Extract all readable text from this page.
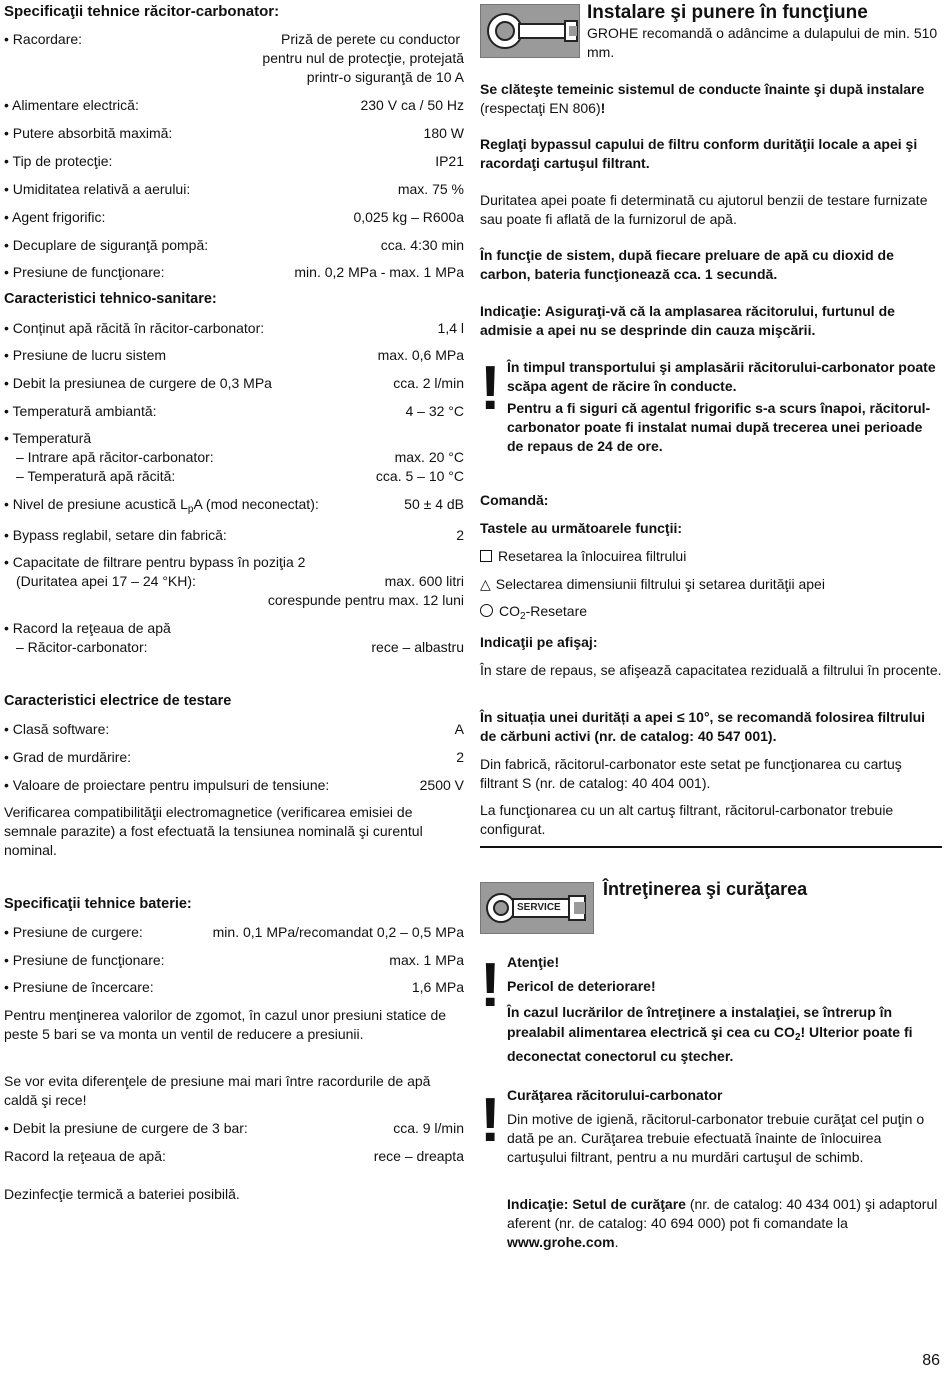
Specificaţii tehnice răcitor-carbonator:
• Racordare:	Priză de perete cu conductor
pentru nul de protecţie, protejată
printr-o siguranţă de 10 A
• Alimentare electrică:	230 V ca / 50 Hz
• Putere absorbită maximă:	180 W
• Tip de protecţie:	IP21
• Umiditatea relativă a aerului:	max. 75 %
• Agent frigorific:	0,025 kg – R600a
• Decuplare de siguranţă pompă:	cca. 4:30 min
• Presiune de funcţionare:	min. 0,2 MPa - max. 1 MPa
Caracteristici tehnico-sanitare:
• Conținut apă răcită în răcitor-carbonator:	1,4 l
• Presiune de lucru sistem	max. 0,6 MPa
• Debit la presiunea de curgere de 0,3 MPa	cca. 2 l/min
• Temperatură ambiantă:	4 – 32 °C
• Temperatură
– Intrare apă răcitor-carbonator:	max. 20 °C
– Temperatură apă răcită:	cca. 5 – 10 °C
• Nivel de presiune acustică $L_pA$ (mod neconectat):	50 ± 4 dB
• Bypass reglabil, setare din fabrică:	2
• Capacitate de filtrare pentru bypass în poziţia 2
(Duritatea apei 17 – 24 °KH):	max. 600 litri
corespunde pentru max. 12 luni
• Racord la reţeaua de apă
– Răcitor-carbonator:	rece – albastru
Caracteristici electrice de testare
• Clasă software:	A
• Grad de murdărire:	2
• Valoare de proiectare pentru impulsuri de tensiune:	2500 V
Verificarea compatibilităţii electromagnetice (verificarea emisiei de semnale parazite) a fost efectuată la tensiunea nominală şi curentul nominal.
Specificaţii tehnice baterie:
• Presiune de curgere:	min. 0,1 MPa/recomandat 0,2 – 0,5 MPa
• Presiune de funcţionare:	max. 1 MPa
• Presiune de încercare:	1,6 MPa
Pentru menţinerea valorilor de zgomot, în cazul unor presiuni statice de peste 5 bari se va monta un ventil de reducere a presiunii.
Se vor evita diferenţele de presiune mai mari între racordurile de apă caldă şi rece!
• Debit la presiune de curgere de 3 bar:	cca. 9 l/min
Racord la reţeaua de apă:	rece – dreapta
Dezinfecţie termică a bateriei posibilă.
Instalare şi punere în funcţiune
GROHE recomandă o adâncime a dulapului de min. 510 mm.
Se clăteşte temeinic sistemul de conducte înainte şi după instalare (respectaţi EN 806)!
Reglaţi bypassul capului de filtru conform durităţii locale a apei şi racordaţi cartuşul filtrant.
Duritatea apei poate fi determinată cu ajutorul benzii de testare furnizate sau poate fi aflată de la furnizorul de apă.
În funcţie de sistem, după fiecare preluare de apă cu dioxid de carbon, bateria funcţionează cca. 1 secundă.
Indicaţie: Asiguraţi-vă că la amplasarea răcitorului, furtunul de admisie a apei nu se desprinde din cauza mişcării.
! În timpul transportului şi amplasării răcitorului-carbonator poate scăpa agent de răcire în conducte.
Pentru a fi siguri că agentul frigorific s-a scurs înapoi, răcitorul-carbonator poate fi instalat numai după trecerea unei perioade de repaus de 24 de ore.
Comandă:
Tastele au următoarele funcţii:
Resetarea la înlocuirea filtrului
△ Selectarea dimensiunii filtrului şi setarea durităţii apei
$CO_2$-Resetare
Indicaţii pe afişaj:
În stare de repaus, se afişează capacitatea reziduală a filtrului în procente.
În situația unei durități a apei ≤ 10°, se recomandă folosirea filtrului de cărbuni activi (nr. de catalog: 40 547 001).
Din fabrică, răcitorul-carbonator este setat pe funcţionarea cu cartuş filtrant S (nr. de catalog: 40 404 001).
La funcţionarea cu un alt cartuş filtrant, răcitorul-carbonator trebuie configurat.
SERVICE
Întreţinerea şi curăţarea
! Atenţie!
Pericol de deteriorare!
În cazul lucrărilor de întreţinere a instalaţiei, se întrerup în prealabil alimentarea electrică şi cea cu $CO_2$! Ulterior poate fi deconectat conectorul cu ştecher.
! Curăţarea răcitorului-carbonator
Din motive de igienă, răcitorul-carbonator trebuie curăţat cel puţin o dată pe an. Curăţarea trebuie efectuată înainte de înlocuirea cartuşului filtrant, pentru a nu murdări cartuşul de schimb.
Indicaţie: Setul de curăţare (nr. de catalog: 40 434 001) şi adaptorul aferent (nr. de catalog: 40 694 000) pot fi comandate la www.grohe.com.
86
